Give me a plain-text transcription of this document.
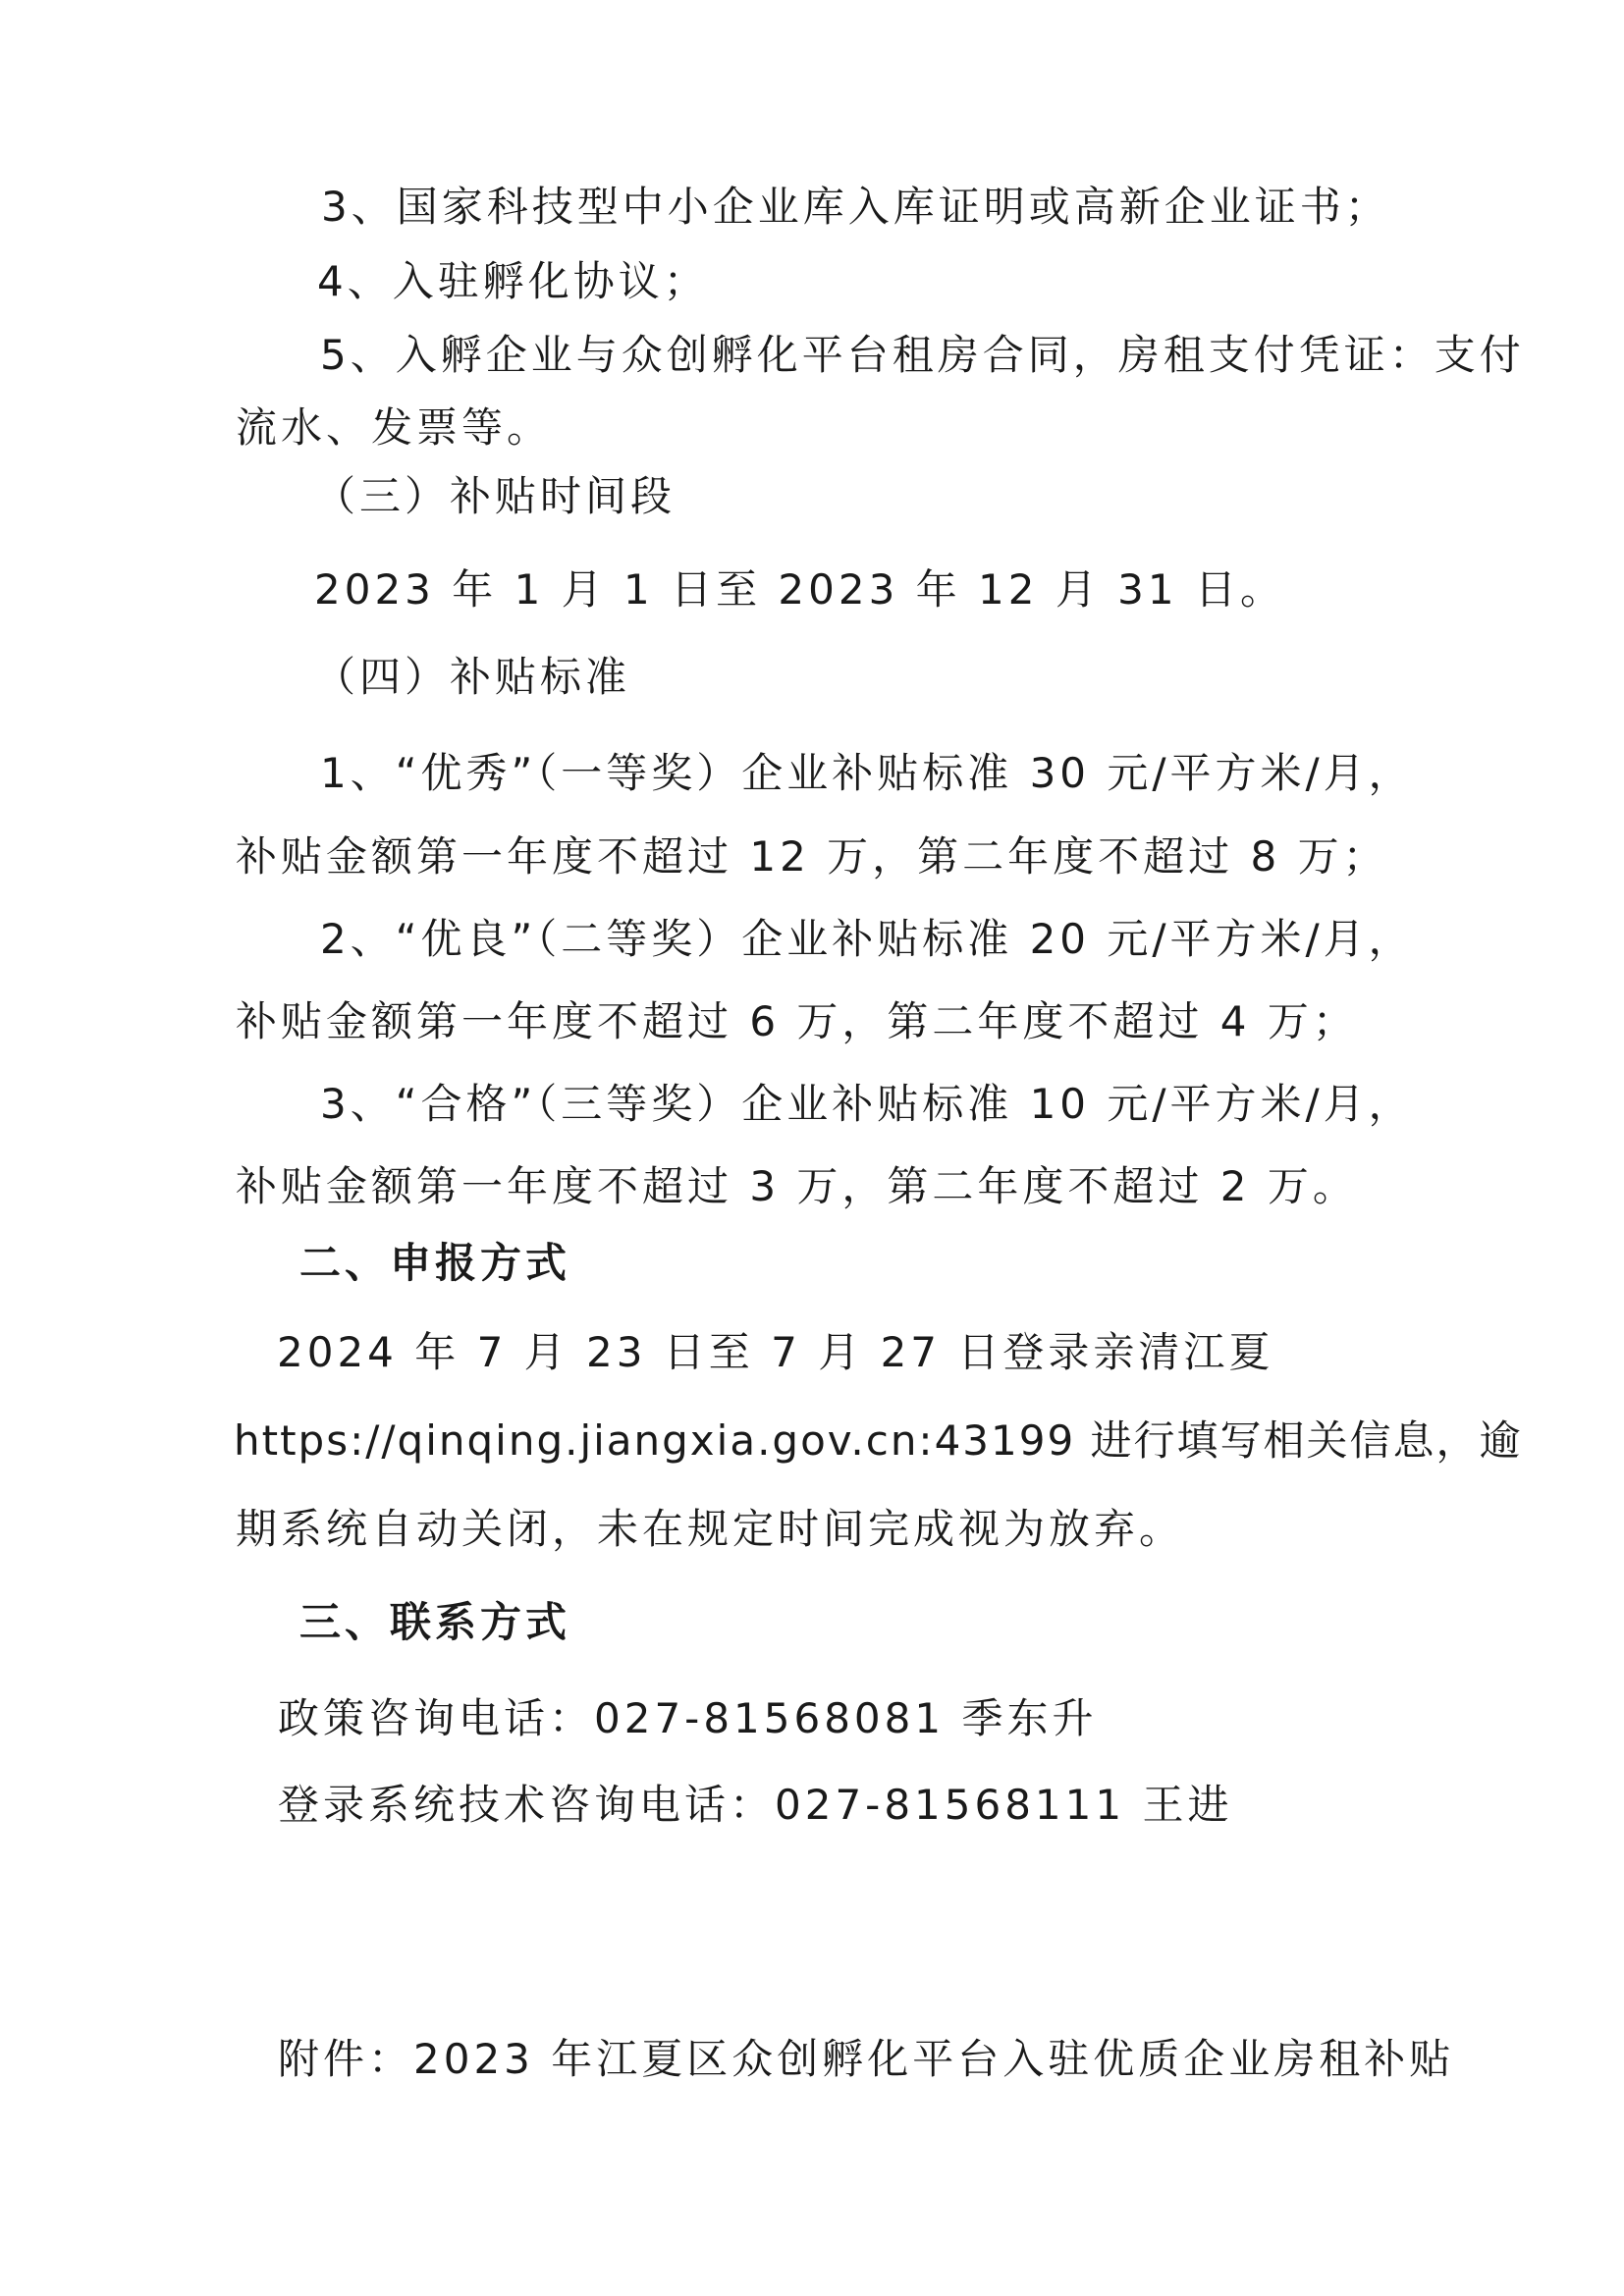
3、国家科技型中小企业库入库证明或高新企业证书；
4、入驻孵化协议；
5、入孵企业与众创孵化平台租房合同，房租支付凭证：支付
流水、发票等。
（三）补贴时间段
2023 年 1 月 1 日至 2023 年 12 月 31 日。
（四）补贴标准
1、“优秀”（一等奖）企业补贴标准 30 元/平方米/月，
补贴金额第一年度不超过 12 万，第二年度不超过 8 万；
2、“优良”（二等奖）企业补贴标准 20 元/平方米/月，
补贴金额第一年度不超过 6 万，第二年度不超过 4 万；
3、“合格”（三等奖）企业补贴标准 10 元/平方米/月，
补贴金额第一年度不超过 3 万，第二年度不超过 2 万。
二、申报方式
2024 年 7 月 23 日至 7 月 27 日登录亲清江夏
https://qinqing.jiangxia.gov.cn:43199 进行填写相关信息，逾
期系统自动关闭，未在规定时间完成视为放弃。
三、联系方式
政策咨询电话：027-81568081 季东升
登录系统技术咨询电话：027-81568111 王进
附件：2023 年江夏区众创孵化平台入驻优质企业房租补贴
